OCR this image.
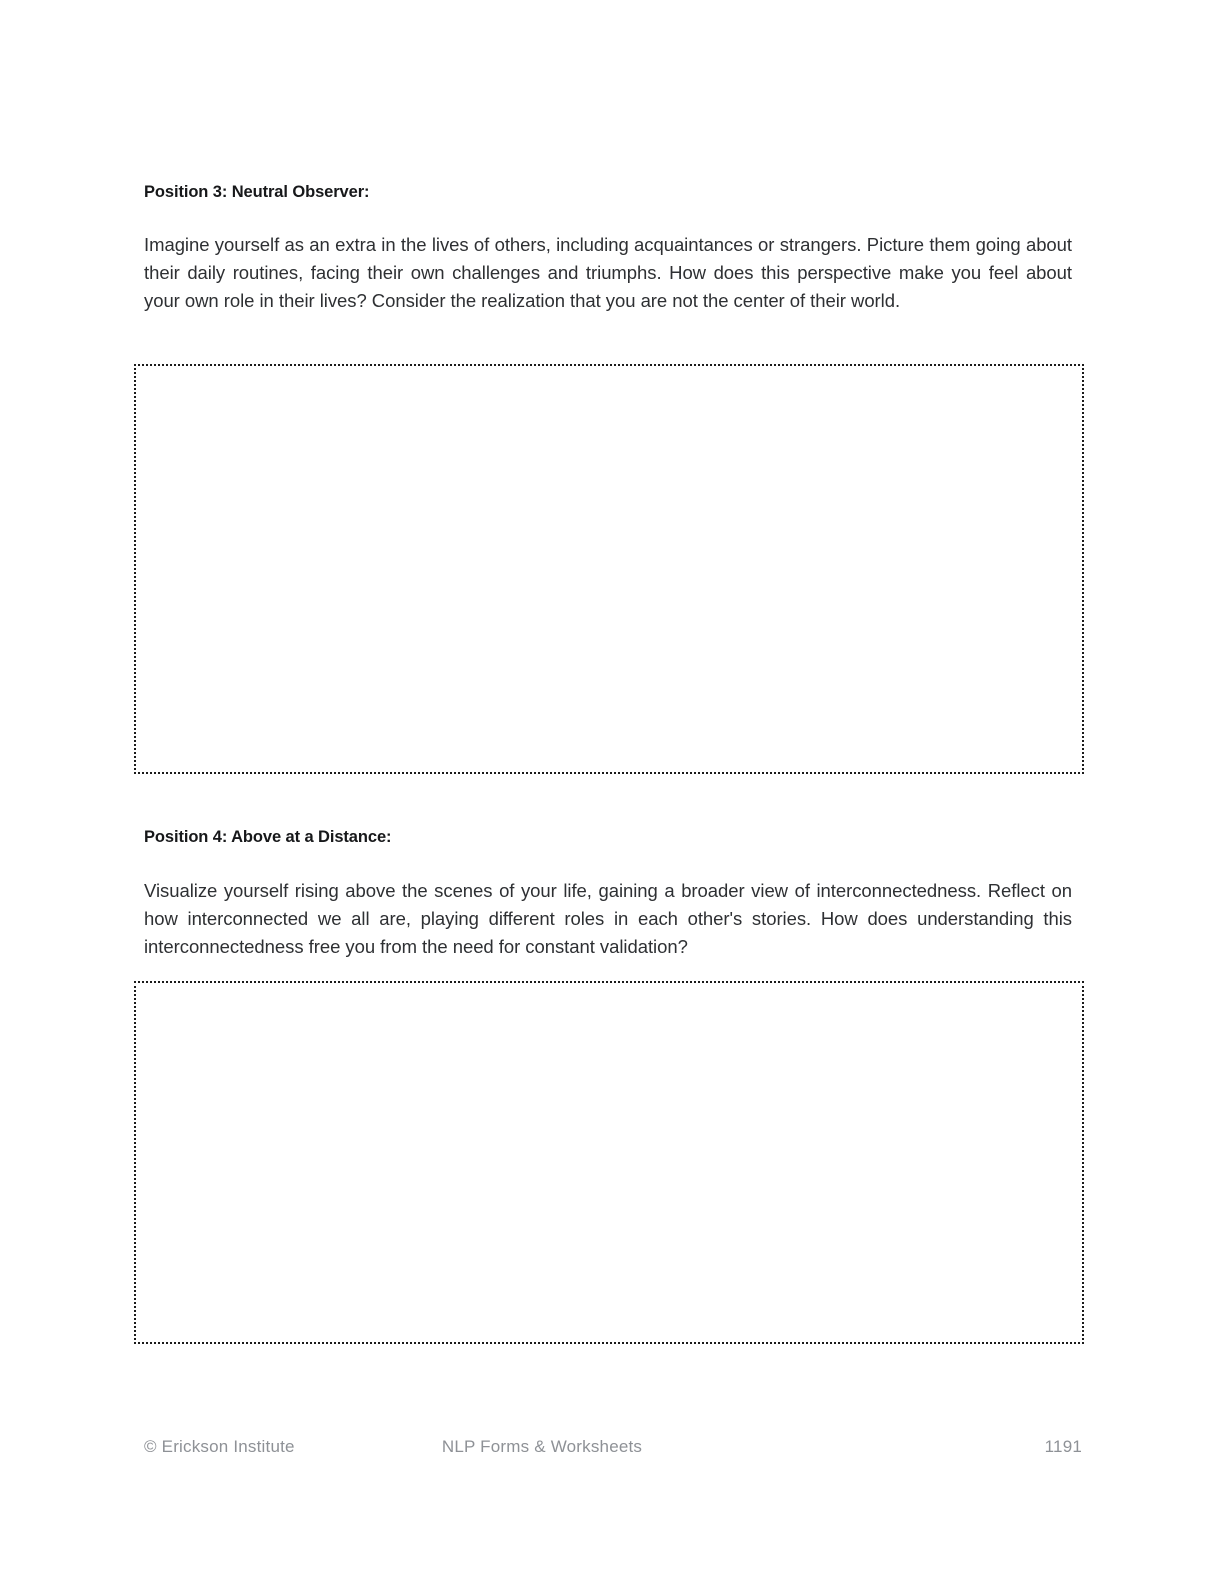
Position 3: Neutral Observer:

Imagine yourself as an extra in the lives of others, including acquaintances or strangers. Picture them going about their daily routines, facing their own challenges and triumphs. How does this perspective make you feel about your own role in their lives? Consider the realization that you are not the center of their world.

Position 4: Above at a Distance:

Visualize yourself rising above the scenes of your life, gaining a broader view of interconnectedness. Reflect on how interconnected we all are, playing different roles in each other's stories. How does understanding this interconnectedness free you from the need for constant validation?

© Erickson Institute	NLP Forms & Worksheets	1191
